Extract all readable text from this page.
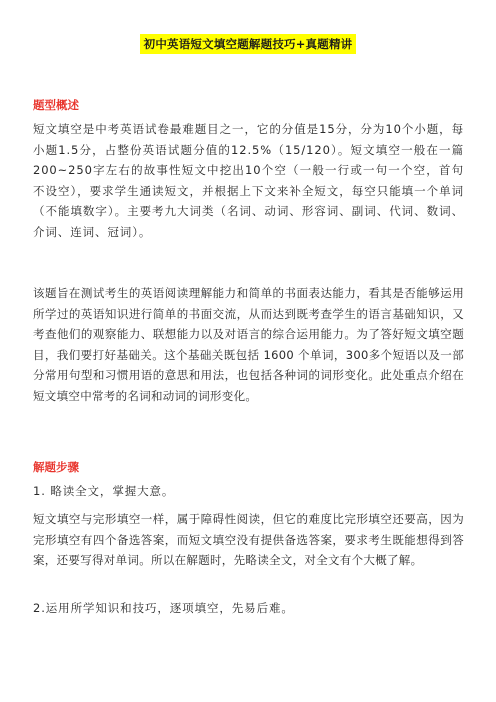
初中英语短文填空题解题技巧+真题精讲
题型概述

短文填空是中考英语试卷最难题目之一，它的分值是15分，分为10个小题，每小题1.5分，占整份英语试题分值的12.5%（15/120）。短文填空一般在一篇200~250字左右的故事性短文中挖出10个空（一般一行或一句一个空，首句不设空），要求学生通读短文，并根据上下文来补全短文，每空只能填一个单词（不能填数字）。主要考九大词类（名词、动词、形容词、副词、代词、数词、介词、连词、冠词）。

该题旨在测试考生的英语阅读理解能力和简单的书面表达能力，看其是否能够运用所学过的英语知识进行简单的书面交流，从而达到既考查学生的语言基础知识，又考查他们的观察能力、联想能力以及对语言的综合运用能力。为了答好短文填空题目，我们要打好基础关。这个基础关既包括 1600 个单词，300多个短语以及一部分常用句型和习惯用语的意思和用法，也包括各种词的词形变化。此处重点介绍在短文填空中常考的名词和动词的词形变化。

解题步骤

1. 略读全文，掌握大意。

短文填空与完形填空一样，属于障碍性阅读，但它的难度比完形填空还要高，因为完形填空有四个备选答案，而短文填空没有提供备选答案，要求考生既能想得到答案，还要写得对单词。所以在解题时，先略读全文，对全文有个大概了解。

2.运用所学知识和技巧，逐项填空，先易后难。
